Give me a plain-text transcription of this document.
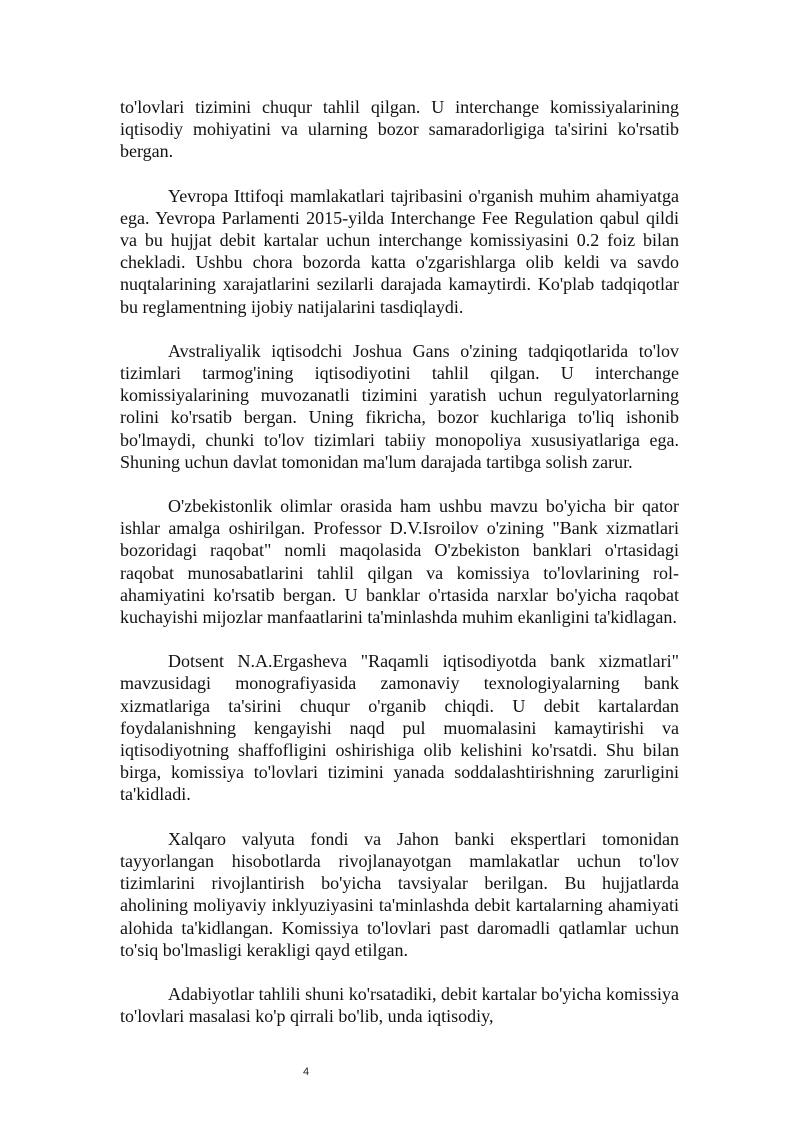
to'lovlari tizimini chuqur tahlil qilgan. U interchange komissiyalarining iqtisodiy mohiyatini va ularning bozor samaradorligiga ta'sirini ko'rsatib bergan.

Yevropa Ittifoqi mamlakatlari tajribasini o'rganish muhim ahamiyatga ega. Yevropa Parlamenti 2015-yilda Interchange Fee Regulation qabul qildi va bu hujjat debit kartalar uchun interchange komissiyasini 0.2 foiz bilan chekladi. Ushbu chora bozorda katta o'zgarishlarga olib keldi va savdo nuqtalarining xarajatlarini sezilarli darajada kamaytirdi. Ko'plab tadqiqotlar bu reglamentning ijobiy natijalarini tasdiqlaydi.

Avstraliyalik iqtisodchi Joshua Gans o'zining tadqiqotlarida to'lov tizimlari tarmog'ining iqtisodiyotini tahlil qilgan. U interchange komissiyalarining muvozanatli tizimini yaratish uchun regulyatorlarning rolini ko'rsatib bergan. Uning fikricha, bozor kuchlariga to'liq ishonib bo'lmaydi, chunki to'lov tizimlari tabiiy monopoliya xususiyatlariga ega. Shuning uchun davlat tomonidan ma'lum darajada tartibga solish zarur.

O'zbekistonlik olimlar orasida ham ushbu mavzu bo'yicha bir qator ishlar amalga oshirilgan. Professor D.V.Isroilov o'zining "Bank xizmatlari bozoridagi raqobat" nomli maqolasida O'zbekiston banklari o'rtasidagi raqobat munosabatlarini tahlil qilgan va komissiya to'lovlarining rol-ahamiyatini ko'rsatib bergan. U banklar o'rtasida narxlar bo'yicha raqobat kuchayishi mijozlar manfaatlarini ta'minlashda muhim ekanligini ta'kidlagan.

Dotsent N.A.Ergasheva "Raqamli iqtisodiyotda bank xizmatlari" mavzusidagi monografiyasida zamonaviy texnologiyalarning bank xizmatlariga ta'sirini chuqur o'rganib chiqdi. U debit kartalardan foydalanishning kengayishi naqd pul muomalasini kamaytirishi va iqtisodiyotning shaffofligini oshirishiga olib kelishini ko'rsatdi. Shu bilan birga, komissiya to'lovlari tizimini yanada soddalashtirishning zarurligini ta'kidladi.

Xalqaro valyuta fondi va Jahon banki ekspertlari tomonidan tayyorlangan hisobotlarda rivojlanayotgan mamlakatlar uchun to'lov tizimlarini rivojlantirish bo'yicha tavsiyalar berilgan. Bu hujjatlarda aholining moliyaviy inklyuziyasini ta'minlashda debit kartalarning ahamiyati alohida ta'kidlangan. Komissiya to'lovlari past daromadli qatlamlar uchun to'siq bo'lmasligi kerakligi qayd etilgan.

Adabiyotlar tahlili shuni ko'rsatadiki, debit kartalar bo'yicha komissiya to'lovlari masalasi ko'p qirrali bo'lib, unda iqtisodiy,

4
